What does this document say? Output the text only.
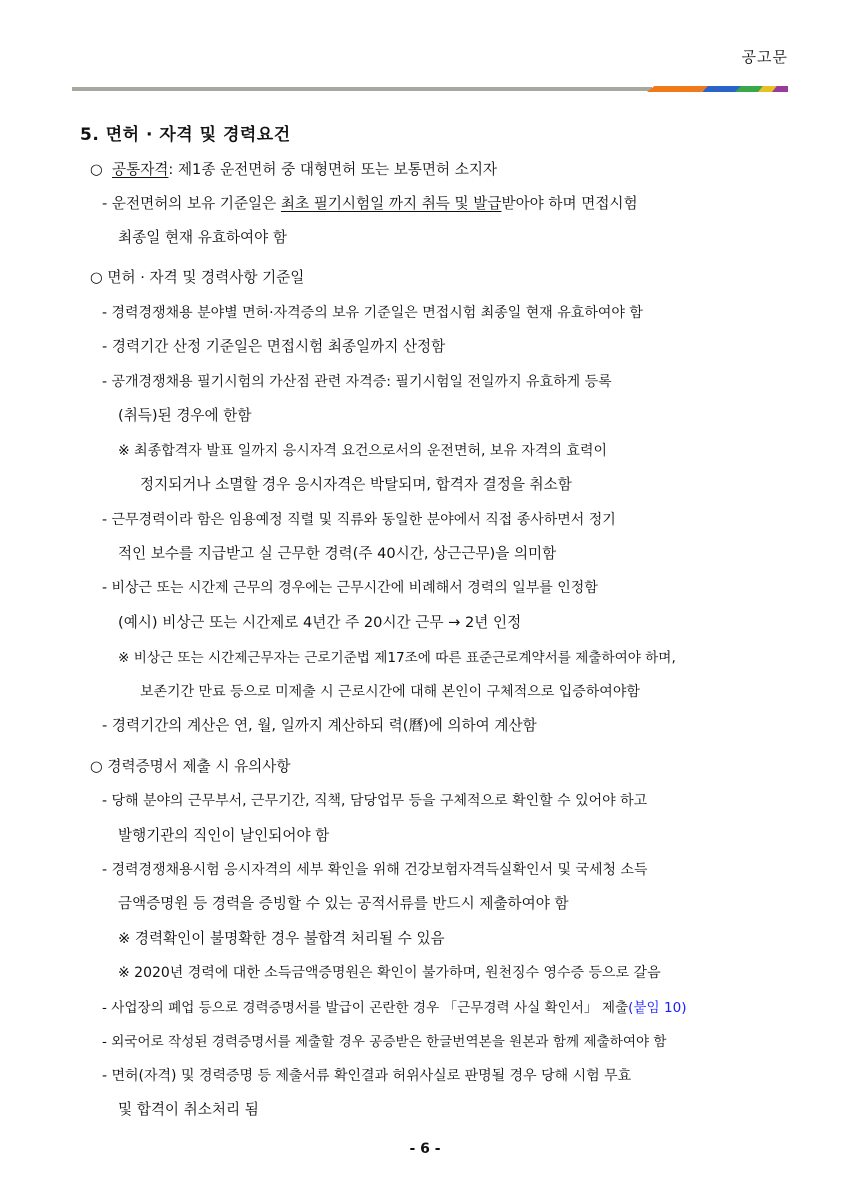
공고문
5. 면허 · 자격 및 경력요건
○ 공통자격: 제1종 운전면허 중 대형면허 또는 보통면허 소지자
- 운전면허의 보유 기준일은 최초 필기시험일 까지 취득 및 발급받아야 하며 면접시험
최종일 현재 유효하여야 함
○ 면허 · 자격 및 경력사항 기준일
- 경력경쟁채용 분야별 면허·자격증의 보유 기준일은 면접시험 최종일 현재 유효하여야 함
- 경력기간 산정 기준일은 면접시험 최종일까지 산정함
- 공개경쟁채용 필기시험의 가산점 관련 자격증: 필기시험일 전일까지 유효하게 등록
(취득)된 경우에 한함
※ 최종합격자 발표 일까지 응시자격 요건으로서의 운전면허, 보유 자격의 효력이
정지되거나 소멸할 경우 응시자격은 박탈되며, 합격자 결정을 취소함
- 근무경력이라 함은 임용예정 직렬 및 직류와 동일한 분야에서 직접 종사하면서 정기
적인 보수를 지급받고 실 근무한 경력(주 40시간, 상근근무)을 의미함
- 비상근 또는 시간제 근무의 경우에는 근무시간에 비례해서 경력의 일부를 인정함
(예시) 비상근 또는 시간제로 4년간 주 20시간 근무 → 2년 인정
※ 비상근 또는 시간제근무자는 근로기준법 제17조에 따른 표준근로계약서를 제출하여야 하며,
보존기간 만료 등으로 미제출 시 근로시간에 대해 본인이 구체적으로 입증하여야함
- 경력기간의 계산은 연, 월, 일까지 계산하되 력(曆)에 의하여 계산함
○ 경력증명서 제출 시 유의사항
- 당해 분야의 근무부서, 근무기간, 직책, 담당업무 등을 구체적으로 확인할 수 있어야 하고
발행기관의 직인이 날인되어야 함
- 경력경쟁채용시험 응시자격의 세부 확인을 위해 건강보험자격득실확인서 및 국세청 소득
금액증명원 등 경력을 증빙할 수 있는 공적서류를 반드시 제출하여야 함
※ 경력확인이 불명확한 경우 불합격 처리될 수 있음
※ 2020년 경력에 대한 소득금액증명원은 확인이 불가하며, 원천징수 영수증 등으로 갈음
- 사업장의 폐업 등으로 경력증명서를 발급이 곤란한 경우 「근무경력 사실 확인서」 제출(붙임 10)
- 외국어로 작성된 경력증명서를 제출할 경우 공증받은 한글번역본을 원본과 함께 제출하여야 함
- 면허(자격) 및 경력증명 등 제출서류 확인결과 허위사실로 판명될 경우 당해 시험 무효
및 합격이 취소처리 됨
- 6 -
